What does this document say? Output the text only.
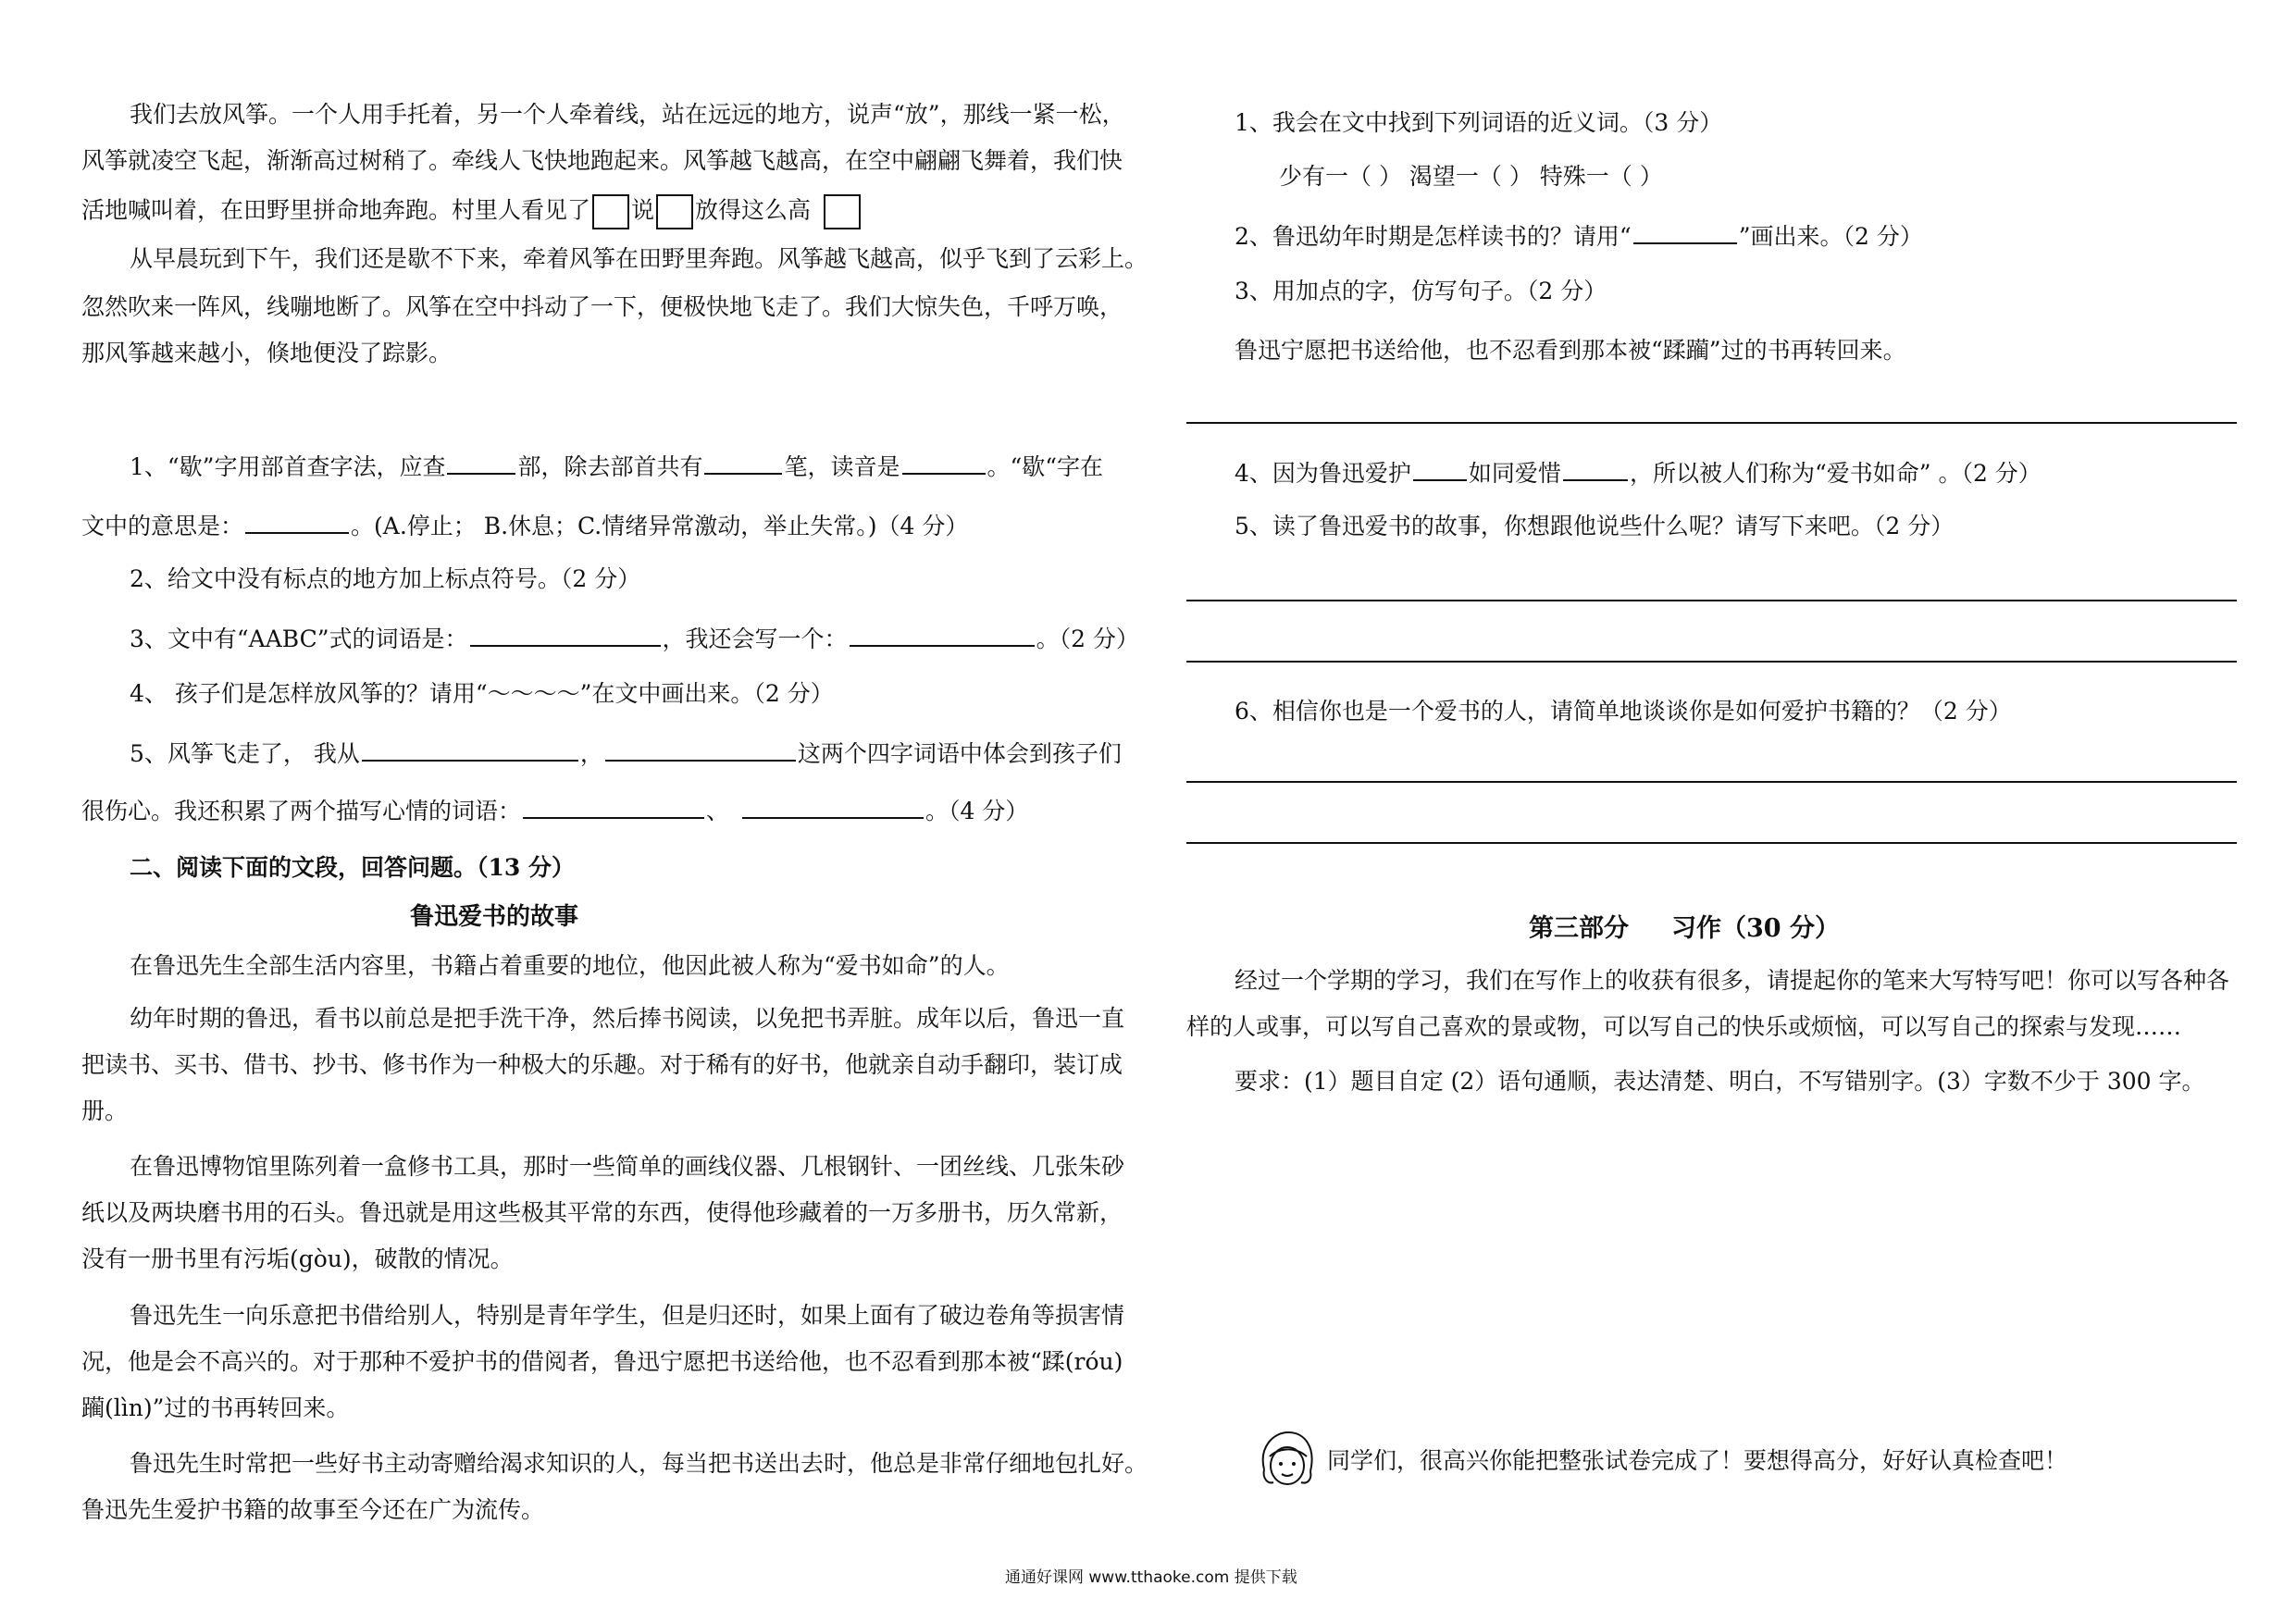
我们去放风筝。一个人用手托着，另一个人牵着线，站在远远的地方，说声“放”，那线一紧一松，
风筝就凌空飞起，渐渐高过树稍了。牵线人飞快地跑起来。风筝越飞越高，在空中翩翩飞舞着，我们快
活地喊叫着，在田野里拼命地奔跑。村里人看见了 说 放得这么高
从早晨玩到下午，我们还是歇不下来，牵着风筝在田野里奔跑。风筝越飞越高，似乎飞到了云彩上。
忽然吹来一阵风，线嘣地断了。风筝在空中抖动了一下，便极快地飞走了。我们大惊失色，千呼万唤，
那风筝越来越小，倏地便没了踪影。
1、“歇”字用部首查字法，应查	部，除去部首共有	笔，读音是	。“歇“字在
文中的意思是：	。(A.停止； B.休息；C.情绪异常激动，举止失常。)（4 分）
2、给文中没有标点的地方加上标点符号。（2 分）
3、文中有“AABC”式的词语是：	，我还会写一个：	。（2 分）
4、 孩子们是怎样放风筝的？请用“～～～～”在文中画出来。（2 分）
5、风筝飞走了， 我从	，	这两个四字词语中体会到孩子们
很伤心。我还积累了两个描写心情的词语：	、	。（4 分）
二、阅读下面的文段，回答问题。（13 分）
鲁迅爱书的故事
在鲁迅先生全部生活内容里，书籍占着重要的地位，他因此被人称为“爱书如命”的人。
幼年时期的鲁迅，看书以前总是把手洗干净，然后捧书阅读，以免把书弄脏。成年以后，鲁迅一直
把读书、买书、借书、抄书、修书作为一种极大的乐趣。对于稀有的好书，他就亲自动手翻印，装订成
册。
在鲁迅博物馆里陈列着一盒修书工具，那时一些简单的画线仪器、几根钢针、一团丝线、几张朱砂
纸以及两块磨书用的石头。鲁迅就是用这些极其平常的东西，使得他珍藏着的一万多册书，历久常新，
没有一册书里有污垢(gòu)，破散的情况。
鲁迅先生一向乐意把书借给别人，特别是青年学生，但是归还时，如果上面有了破边卷角等损害情
况，他是会不高兴的。对于那种不爱护书的借阅者，鲁迅宁愿把书送给他，也不忍看到那本被“蹂(róu)
躏(lìn)”过的书再转回来。
鲁迅先生时常把一些好书主动寄赠给渴求知识的人，每当把书送出去时，他总是非常仔细地包扎好。
鲁迅先生爱护书籍的故事至今还在广为流传。
1、我会在文中找到下列词语的近义词。（3 分）
少有一（ ） 渴望一（ ） 特殊一（ ）
2、鲁迅幼年时期是怎样读书的？请用“	”画出来。（2 分）
3、用加点的字，仿写句子。（2 分）
鲁迅宁愿把书送给他，也不忍看到那本被“蹂躏”过的书再转回来。
4、因为鲁迅爱护 如同爱惜	，所以被人们称为“爱书如命” 。（2 分）
5、读了鲁迅爱书的故事，你想跟他说些什么呢？请写下来吧。（2 分）
6、相信你也是一个爱书的人，请简单地谈谈你是如何爱护书籍的？（2 分）
第三部分 习作（30 分）
经过一个学期的学习，我们在写作上的收获有很多，请提起你的笔来大写特写吧！你可以写各种各
样的人或事，可以写自己喜欢的景或物，可以写自己的快乐或烦恼，可以写自己的探索与发现……
要求：(1）题目自定 (2）语句通顺，表达清楚、明白，不写错别字。(3）字数不少于 300 字。
同学们，很高兴你能把整张试卷完成了！要想得高分，好好认真检查吧！
通通好课网 www.tthaoke.com 提供下载
